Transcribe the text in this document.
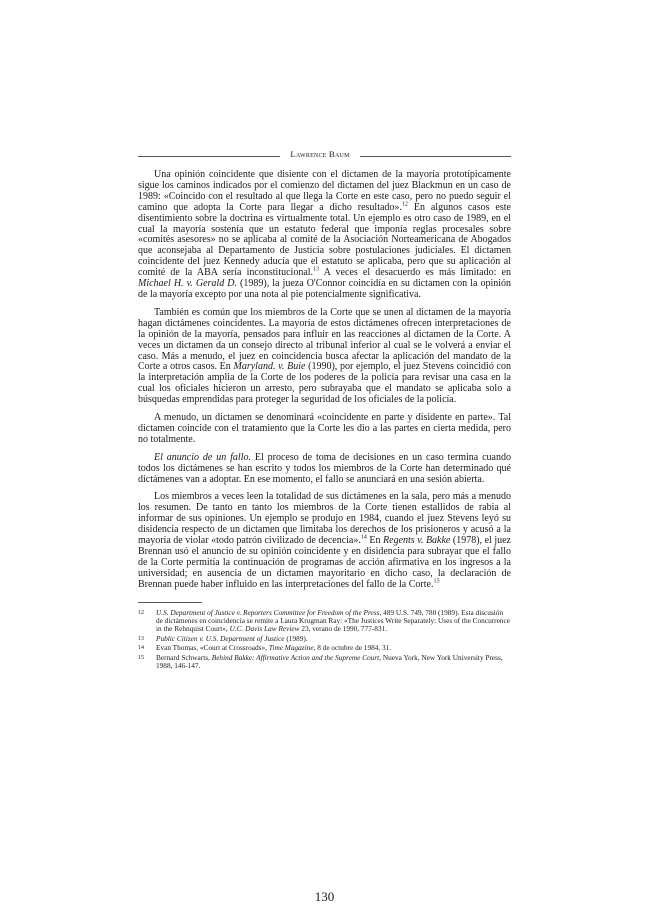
Lawrence Baum

Una opinión coincidente que disiente con el dictamen de la mayoría prototípicamente sigue los caminos indicados por el comienzo del dictamen del juez Blackmun en un caso de 1989: «Coincido con el resultado al que llega la Corte en este caso, pero no puedo seguir el camino que adopta la Corte para llegar a dicho resultado».$^{12}$ En algunos casos este disentimiento sobre la doctrina es virtualmente total. Un ejemplo es otro caso de 1989, en el cual la mayoría sostenía que un estatuto federal que imponía reglas procesales sobre «comités asesores» no se aplicaba al comité de la Asociación Norteamericana de Abogados que aconsejaba al Departamento de Justicia sobre postulaciones judiciales. El dictamen coincidente del juez Kennedy aducía que el estatuto se aplicaba, pero que su aplicación al comité de la ABA sería inconstitucional.$^{13}$ A veces el desacuerdo es más limitado: en Michael H. v. Gerald D. (1989), la jueza O'Connor coincidía en su dictamen con la opinión de la mayoría excepto por una nota al pie potencialmente significativa.

También es común que los miembros de la Corte que se unen al dictamen de la mayoría hagan dictámenes coincidentes. La mayoría de estos dictámenes ofrecen interpretaciones de la opinión de la mayoría, pensados para influir en las reacciones al dictamen de la Corte. A veces un dictamen da un consejo directo al tribunal inferior al cual se le volverá a enviar el caso. Más a menudo, el juez en coincidencia busca afectar la aplicación del mandato de la Corte a otros casos. En Maryland. v. Buie (1990), por ejemplo, el juez Stevens coincidió con la interpretación amplia de la Corte de los poderes de la policía para revisar una casa en la cual los oficiales hicieron un arresto, pero subrayaba que el mandato se aplicaba solo a búsquedas emprendidas para proteger la seguridad de los oficiales de la policía.

A menudo, un dictamen se denominará «coincidente en parte y disidente en parte». Tal dictamen coincide con el tratamiento que la Corte les dio a las partes en cierta medida, pero no totalmente.

El anuncio de un fallo. El proceso de toma de decisiones en un caso termina cuando todos los dictámenes se han escrito y todos los miembros de la Corte han determinado qué dictámenes van a adoptar. En ese momento, el fallo se anunciará en una sesión abierta.

Los miembros a veces leen la totalidad de sus dictámenes en la sala, pero más a menudo los resumen. De tanto en tanto los miembros de la Corte tienen estallidos de rabia al informar de sus opiniones. Un ejemplo se produjo en 1984, cuando el juez Stevens leyó su disidencia respecto de un dictamen que limitaba los derechos de los prisioneros y acusó a la mayoría de violar «todo patrón civilizado de decencia».$^{14}$ En Regents v. Bakke (1978), el juez Brennan usó el anuncio de su opinión coincidente y en disidencia para subrayar que el fallo de la Corte permitía la continuación de programas de acción afirmativa en los ingresos a la universidad; en ausencia de un dictamen mayoritario en dicho caso, la declaración de Brennan puede haber influido en las interpretaciones del fallo de la Corte.$^{15}$

12	U.S. Department of Justice v. Reporters Committee for Freedom of the Press, 489 U.S. 749, 780 (1989). Esta discusión de dictámenes en coincidencia se remite a Laura Krugman Ray: «The Justices Write Separately: Uses of the Concurrence in the Rehnquist Court», U.C. Davis Law Review 23, verano de 1990, 777-831.
13	Public Citizen v. U.S. Department of Justice (1989).
14	Evan Thomas, «Court at Crossroads», Time Magazine, 8 de octubre de 1984, 31.
15	Bernard Schwarts, Behind Bakke: Affirmative Action and the Supreme Court, Nueva York, New York University Press, 1988, 146-147.
130
